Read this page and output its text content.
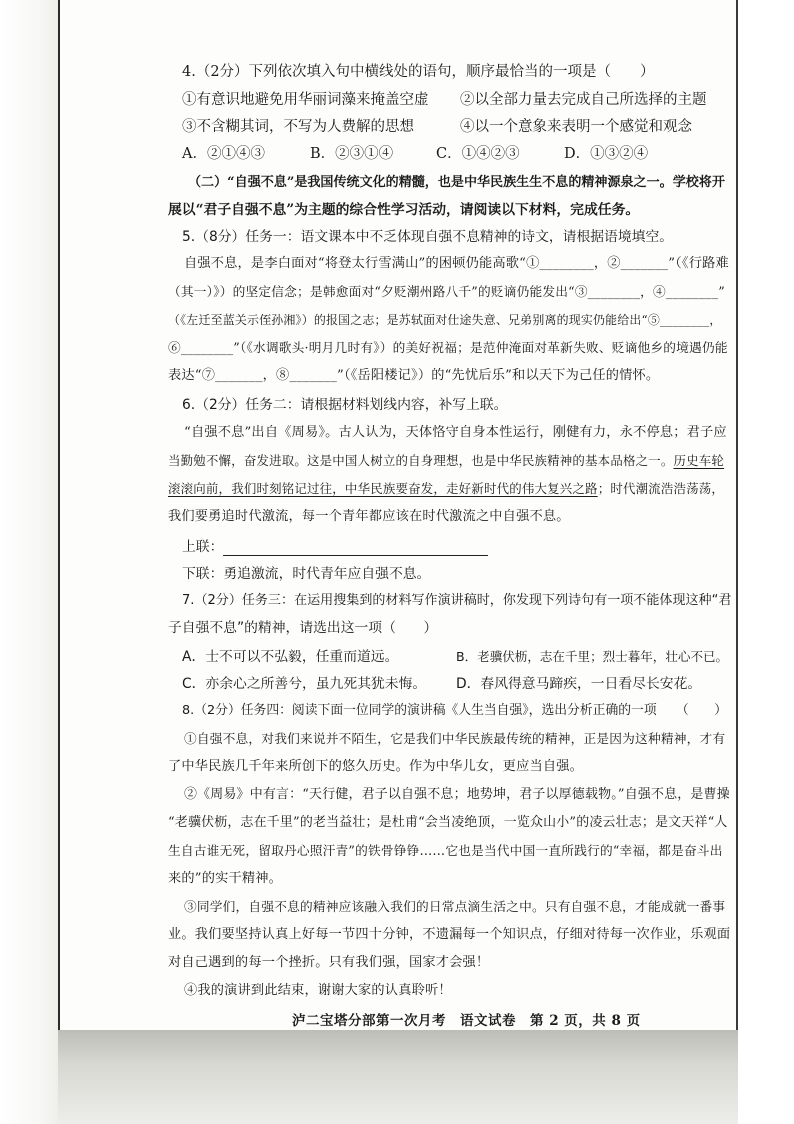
4.（2分）下列依次填入句中横线处的语句，顺序最恰当的一项是（　　）
①有意识地避免用华丽词藻来掩盖空虚 ②以全部力量去完成自己所选择的主题
③不含糊其词，不写为人费解的思想	④以一个意象来表明一个感觉和观念
A．②①④③	B．②③①④	C．①④②③	D．①③②④
（二）“自强不息”是我国传统文化的精髓，也是中华民族生生不息的精神源泉之一。学校将开
展以“君子自强不息”为主题的综合性学习活动，请阅读以下材料，完成任务。
5.（8分）任务一：语文课本中不乏体现自强不息精神的诗文，请根据语境填空。
自强不息，是李白面对“将登太行雪满山”的困顿仍能高歌“①________，②_______”（《行路难
（其一）》）的坚定信念；是韩愈面对“夕贬潮州路八千”的贬谪仍能发出“③________，④________”
（《左迁至蓝关示侄孙湘》）的报国之志；是苏轼面对仕途失意、兄弟别离的现实仍能给出“⑤________，
⑥________”（《水调歌头·明月几时有》）的美好祝福；是范仲淹面对革新失败、贬谪他乡的境遇仍能
表达“⑦_______，⑧_______”（《岳阳楼记》）的“先忧后乐”和以天下为己任的情怀。
6.（2分）任务二：请根据材料划线内容，补写上联。
“自强不息”出自《周易》。古人认为，天体恪守自身本性运行，刚健有力，永不停息；君子应
当勤勉不懈，奋发进取。这是中国人树立的自身理想，也是中华民族精神的基本品格之一。历史车轮
滚滚向前，我们时刻铭记过往，中华民族要奋发，走好新时代的伟大复兴之路；时代潮流浩浩荡荡，
我们要勇追时代激流，每一个青年都应该在时代激流之中自强不息。
上联：
下联：勇追激流，时代青年应自强不息。
7.（2分）任务三：在运用搜集到的材料写作演讲稿时，你发现下列诗句有一项不能体现这种“君
子自强不息”的精神，请选出这一项（　　）
A．士不可以不弘毅，任重而道远。	B．老骥伏枥，志在千里；烈士暮年，壮心不已。
C．亦余心之所善兮，虽九死其犹未悔。 D．春风得意马蹄疾，一日看尽长安花。
8.（2分）任务四：阅读下面一位同学的演讲稿《人生当自强》，选出分析正确的一项　　（　　）
①自强不息，对我们来说并不陌生，它是我们中华民族最传统的精神，正是因为这种精神，才有
了中华民族几千年来所创下的悠久历史。作为中华儿女，更应当自强。
②《周易》中有言：“天行健，君子以自强不息；地势坤，君子以厚德载物。”自强不息，是曹操
“老骥伏枥，志在千里”的老当益壮；是杜甫“会当凌绝顶，一览众山小”的凌云壮志；是文天祥“人
生自古谁无死，留取丹心照汗青”的铁骨铮铮……它也是当代中国一直所践行的“幸福，都是奋斗出
来的”的实干精神。
③同学们，自强不息的精神应该融入我们的日常点滴生活之中。只有自强不息，才能成就一番事
业。我们要坚持认真上好每一节四十分钟，不遗漏每一个知识点，仔细对待每一次作业，乐观面
对自己遇到的每一个挫折。只有我们强，国家才会强！
④我的演讲到此结束，谢谢大家的认真聆听！
泸二宝塔分部第一次月考　语文试卷　第 2 页，共 8 页
